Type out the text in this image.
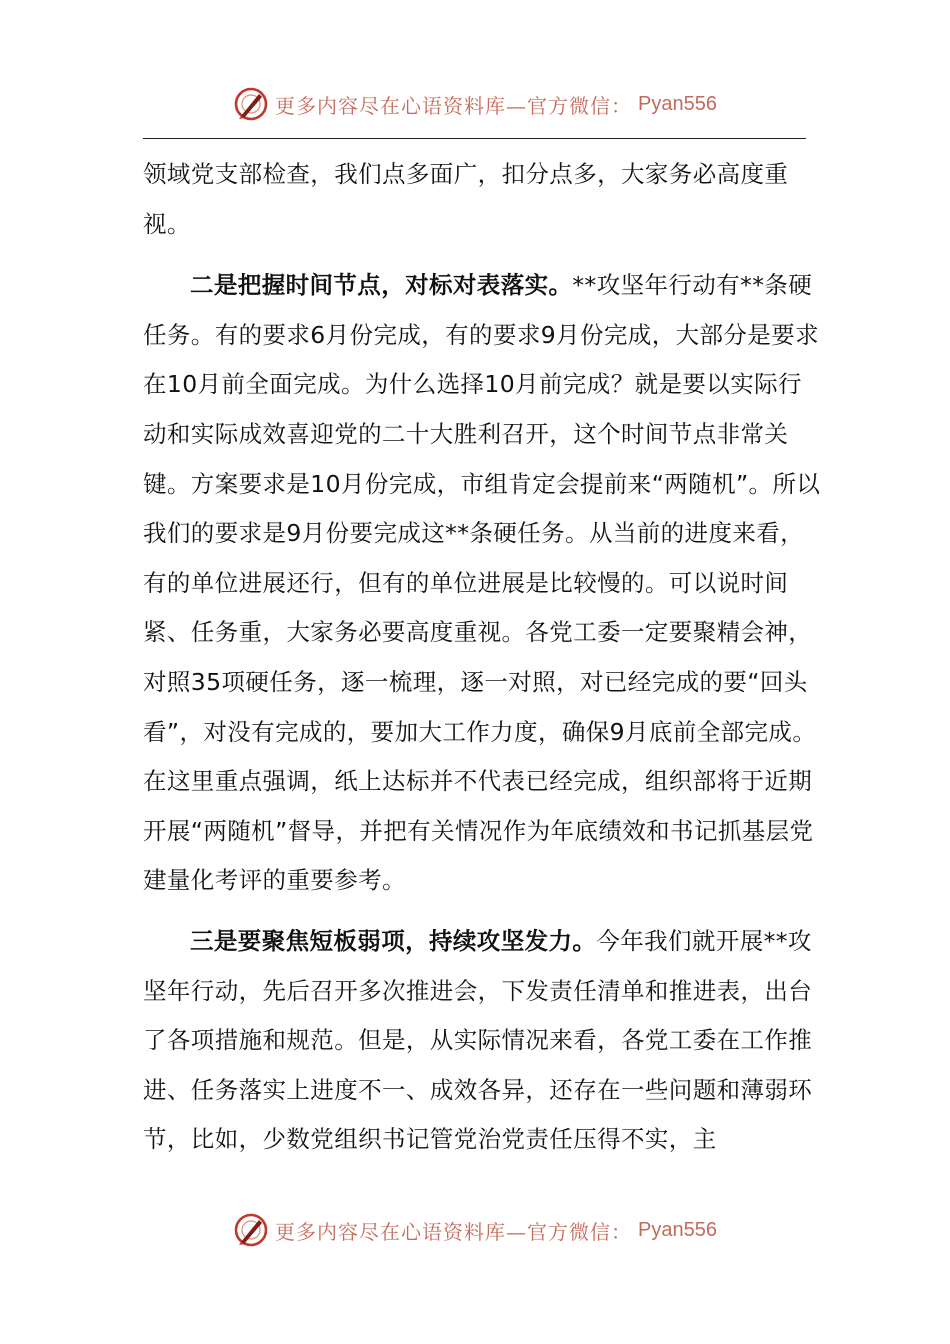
更多内容尽在心语资料库—官方微信： Pyan556

领域党支部检查，我们点多面广，扣分点多，大家务必高度重视。

二是把握时间节点，对标对表落实。**攻坚年行动有**条硬任务。有的要求6月份完成，有的要求9月份完成，大部分是要求在10月前全面完成。为什么选择10月前完成？就是要以实际行动和实际成效喜迎党的二十大胜利召开，这个时间节点非常关键。方案要求是10月份完成，市组肯定会提前来“两随机”。所以我们的要求是9月份要完成这**条硬任务。从当前的进度来看，有的单位进展还行，但有的单位进展是比较慢的。可以说时间紧、任务重，大家务必要高度重视。各党工委一定要聚精会神，对照35项硬任务，逐一梳理，逐一对照，对已经完成的要“回头看”，对没有完成的，要加大工作力度，确保9月底前全部完成。在这里重点强调，纸上达标并不代表已经完成，组织部将于近期开展“两随机”督导，并把有关情况作为年底绩效和书记抓基层党建量化考评的重要参考。

三是要聚焦短板弱项，持续攻坚发力。今年我们就开展**攻坚年行动，先后召开多次推进会，下发责任清单和推进表，出台了各项措施和规范。但是，从实际情况来看，各党工委在工作推进、任务落实上进度不一、成效各异，还存在一些问题和薄弱环节，比如，少数党组织书记管党治党责任压得不实，主

更多内容尽在心语资料库—官方微信： Pyan556
